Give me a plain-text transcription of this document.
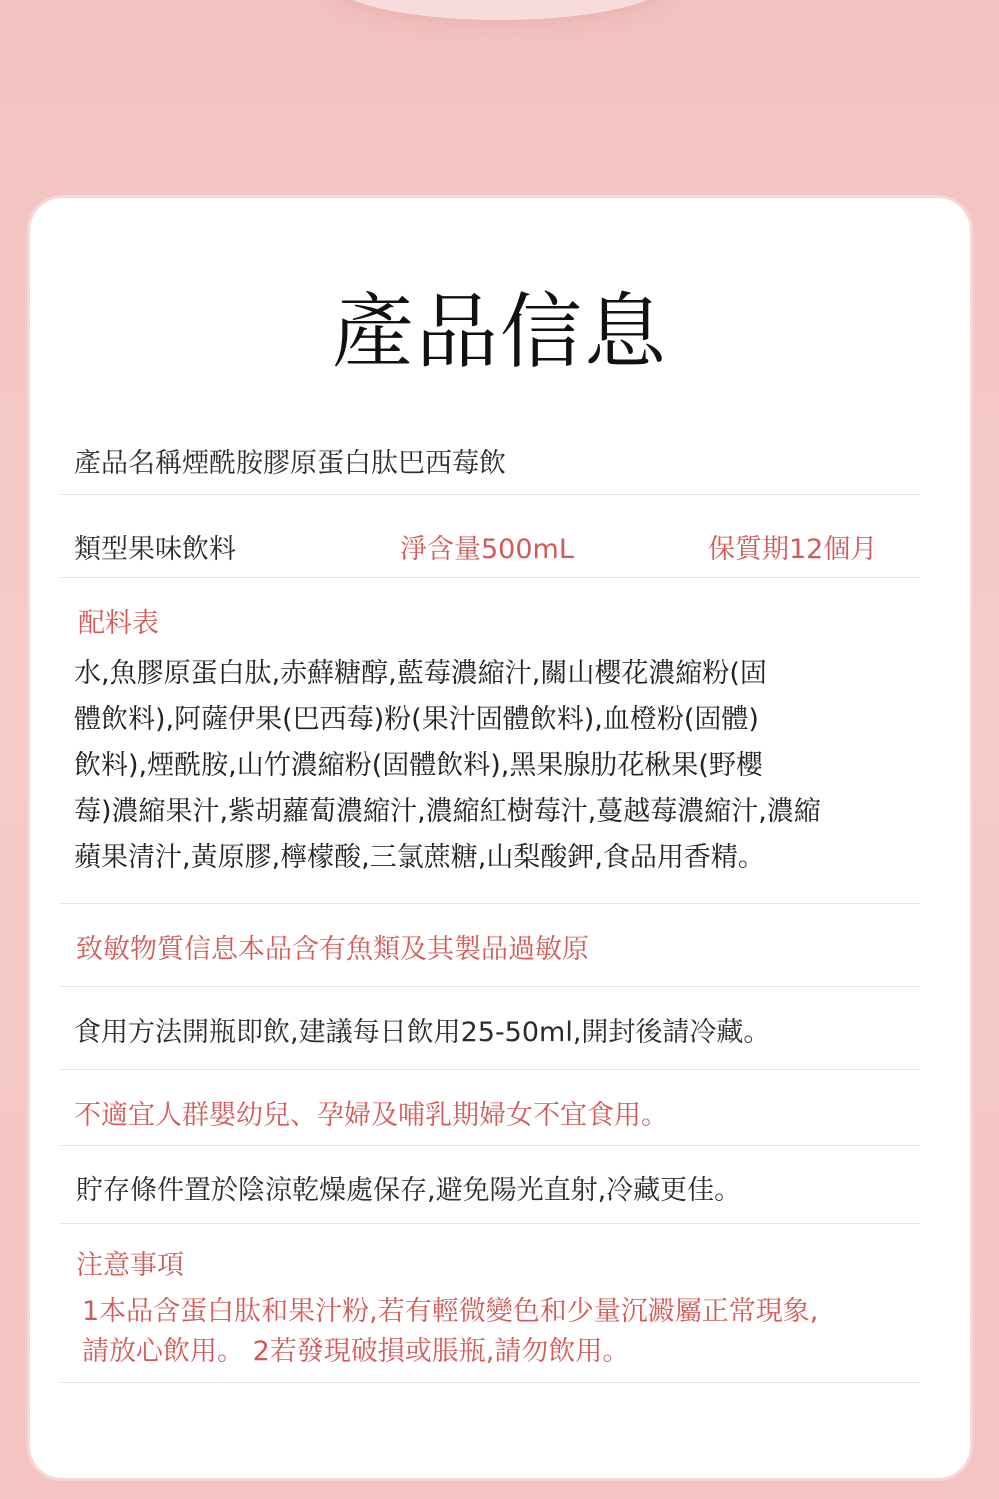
產品信息
產品名稱煙酰胺膠原蛋白肽巴西莓飲
類型果味飲料	淨含量500mL	保質期12個月
配料表
水,魚膠原蛋白肽,赤蘚糖醇,藍莓濃縮汁,關山櫻花濃縮粉(固
體飲料),阿薩伊果(巴西莓)粉(果汁固體飲料),血橙粉(固體)
飲料),煙酰胺,山竹濃縮粉(固體飲料),黑果腺肋花楸果(野櫻
莓)濃縮果汁,紫胡蘿蔔濃縮汁,濃縮紅樹莓汁,蔓越莓濃縮汁,濃縮
蘋果清汁,黃原膠,檸檬酸,三氯蔗糖,山梨酸鉀,食品用香精。
致敏物質信息本品含有魚類及其製品過敏原
食用方法開瓶即飲,建議每日飲用25-50ml,開封後請冷藏。
不適宜人群嬰幼兒、孕婦及哺乳期婦女不宜食用。
貯存條件置於陰涼乾燥處保存,避免陽光直射,冷藏更佳。
注意事項
1本品含蛋白肽和果汁粉,若有輕微變色和少量沉澱屬正常現象,
請放心飲用。 2若發現破損或脹瓶,請勿飲用。
